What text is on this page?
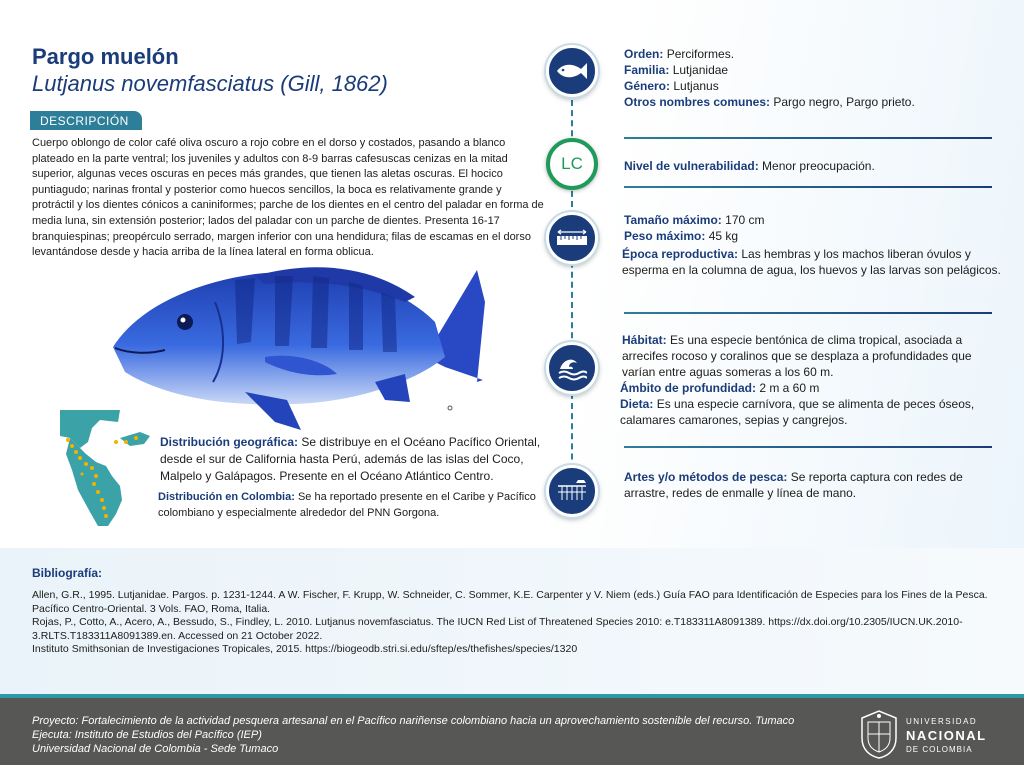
Pargo muelón
Lutjanus novemfasciatus (Gill, 1862)
DESCRIPCIÓN
Cuerpo oblongo de color café oliva oscuro a rojo cobre en el dorso y costados, pasando a blanco plateado en la parte ventral; los juveniles y adultos con 8-9 barras cafesuscas cenizas en la mitad superior, algunas veces oscuras en peces más grandes, que tienen las aletas oscuras. El hocico puntiagudo; narinas frontal y posterior como huecos sencillos, la boca es relativamente grande y protráctil y los dientes cónicos a caniniformes; parche de los dientes en el centro del paladar en forma de media luna, sin extensión posterior; lados del paladar con un parche de dientes. Presenta 16-17 branquiespinas; preopérculo serrado, margen inferior con una hendidura; filas de escamas en el dorso levantándose desde y hacia arriba de la línea lateral en forma oblicua.
Distribución geográfica: Se distribuye en el Océano Pacífico Oriental, desde el sur de California hasta Perú, además de las islas del Coco, Malpelo y Galápagos. Presente en el Océano Atlántico Centro.
Distribución en Colombia: Se ha reportado presente en el Caribe y Pacífico colombiano y especialmente alrededor del PNN Gorgona.
LC
Orden: Perciformes.
Familia: Lutjanidae
Género: Lutjanus
Otros nombres comunes: Pargo negro, Pargo prieto.
Nivel de vulnerabilidad: Menor preocupación.
Tamaño máximo: 170 cm
Peso máximo: 45 kg
Época reproductiva: Las hembras y los machos liberan óvulos y esperma en la columna de agua, los huevos y las larvas son pelágicos.
Hábitat: Es una especie bentónica de clima tropical, asociada a arrecifes rocoso y coralinos que se desplaza a profundidades que varían entre aguas someras a los 60 m.
Ámbito de profundidad: 2 m a 60 m
Dieta: Es una especie carnívora, que se alimenta de peces óseos, calamares camarones, sepias y cangrejos.
Artes y/o métodos de pesca: Se reporta captura con redes de arrastre, redes de enmalle y línea de mano.
Bibliografía:
Allen, G.R., 1995. Lutjanidae. Pargos. p. 1231-1244. A W. Fischer, F. Krupp, W. Schneider, C. Sommer, K.E. Carpenter y V. Niem (eds.) Guía FAO para Identificación de Especies para los Fines de la Pesca. Pacífico Centro-Oriental. 3 Vols. FAO, Roma, Italia.
Rojas, P., Cotto, A., Acero, A., Bessudo, S., Findley, L. 2010. Lutjanus novemfasciatus. The IUCN Red List of Threatened Species 2010: e.T183311A8091389. https://dx.doi.org/10.2305/IUCN.UK.2010-3.RLTS.T183311A8091389.en. Accessed on 21 October 2022.
Instituto Smithsonian de Investigaciones Tropicales, 2015. https://biogeodb.stri.si.edu/sftep/es/thefishes/species/1320
Proyecto: Fortalecimiento de la actividad pesquera artesanal en el Pacífico nariñense colombiano hacia un aprovechamiento sostenible del recurso. Tumaco
Ejecuta: Instituto de Estudios del Pacífico (IEP)
Universidad Nacional de Colombia - Sede Tumaco
UNIVERSIDAD
NACIONAL
DE COLOMBIA
